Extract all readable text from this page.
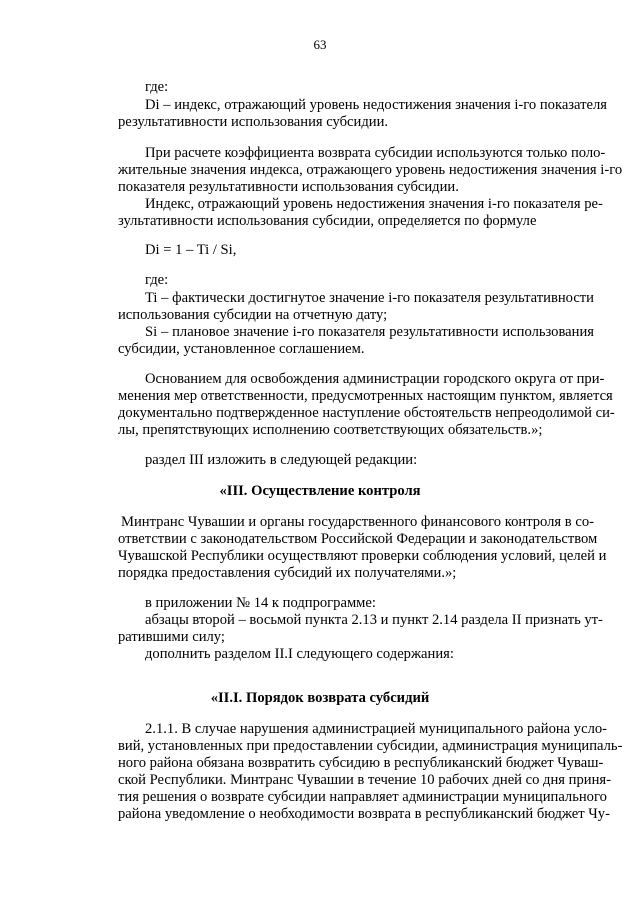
63
где:
Di – индекс, отражающий уровень недостижения значения i-го показателя
результативности использования субсидии.
При расчете коэффициента возврата субсидии используются только поло-
жительные значения индекса, отражающего уровень недостижения значения i-го
показателя результативности использования субсидии.
Индекс, отражающий уровень недостижения значения i-го показателя ре-
зультативности использования субсидии, определяется по формуле
Di = 1 – Ti / Si,
где:
Ti – фактически достигнутое значение i-го показателя результативности
использования субсидии на отчетную дату;
Si – плановое значение i-го показателя результативности использования
субсидии, установленное соглашением.
Основанием для освобождения администрации городского округа от при-
менения мер ответственности, предусмотренных настоящим пунктом, является
документально подтвержденное наступление обстоятельств непреодолимой си-
лы, препятствующих исполнению соответствующих обязательств.»;
раздел III изложить в следующей редакции:
«III. Осуществление контроля
Минтранс Чувашии и органы государственного финансового контроля в со-
ответствии с законодательством Российской Федерации и законодательством
Чувашской Республики осуществляют проверки соблюдения условий, целей и
порядка предоставления субсидий их получателями.»;
в приложении № 14 к подпрограмме:
абзацы второй – восьмой пункта 2.13 и пункт 2.14 раздела II признать ут-
ратившими силу;
дополнить разделом II.I следующего содержания:
«II.I. Порядок возврата субсидий
2.1.1. В случае нарушения администрацией муниципального района усло-
вий, установленных при предоставлении субсидии, администрация муниципаль-
ного района обязана возвратить субсидию в республиканский бюджет Чуваш-
ской Республики. Минтранс Чувашии в течение 10 рабочих дней со дня приня-
тия решения о возврате субсидии направляет администрации муниципального
района уведомление о необходимости возврата в республиканский бюджет Чу-
